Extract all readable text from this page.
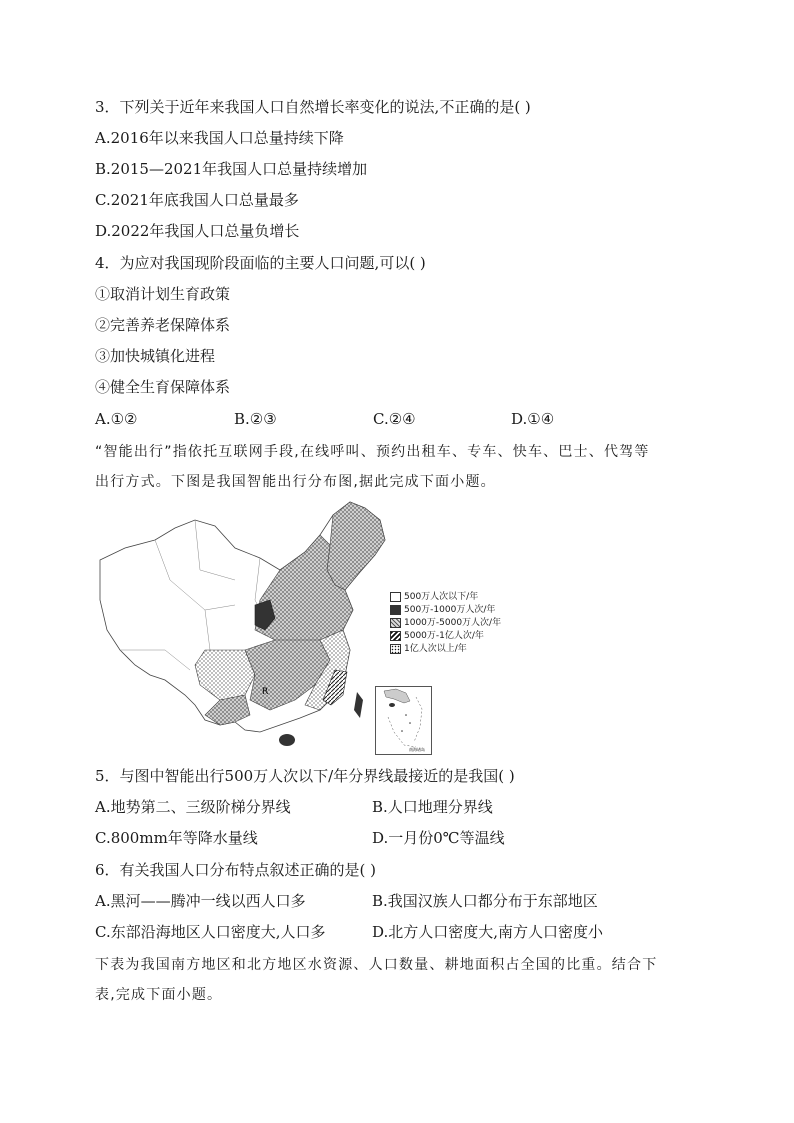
3．下列关于近年来我国人口自然增长率变化的说法,不正确的是( )
A.2016年以来我国人口总量持续下降
B.2015—2021年我国人口总量持续增加
C.2021年底我国人口总量最多
D.2022年我国人口总量负增长
4．为应对我国现阶段面临的主要人口问题,可以( )
①取消计划生育政策
②完善养老保障体系
③加快城镇化进程
④健全生育保障体系
A.①②	B.②③	C.②④	D.①④
“智能出行”指依托互联网手段,在线呼叫、预约出租车、专车、快车、巴士、代驾等
出行方式。下图是我国智能出行分布图,据此完成下面小题。
R
500万人次以下/年
500万-1000万人次/年
1000万-5000万人次/年
5000万-1亿人次/年
1亿人次以上/年
南海诸岛
5．与图中智能出行500万人次以下/年分界线最接近的是我国( )
A.地势第二、三级阶梯分界线	B.人口地理分界线
C.800mm年等降水量线	D.一月份0℃等温线
6．有关我国人口分布特点叙述正确的是( )
A.黑河——腾冲一线以西人口多	B.我国汉族人口都分布于东部地区
C.东部沿海地区人口密度大,人口多	D.北方人口密度大,南方人口密度小
下表为我国南方地区和北方地区水资源、人口数量、耕地面积占全国的比重。结合下
表,完成下面小题。
